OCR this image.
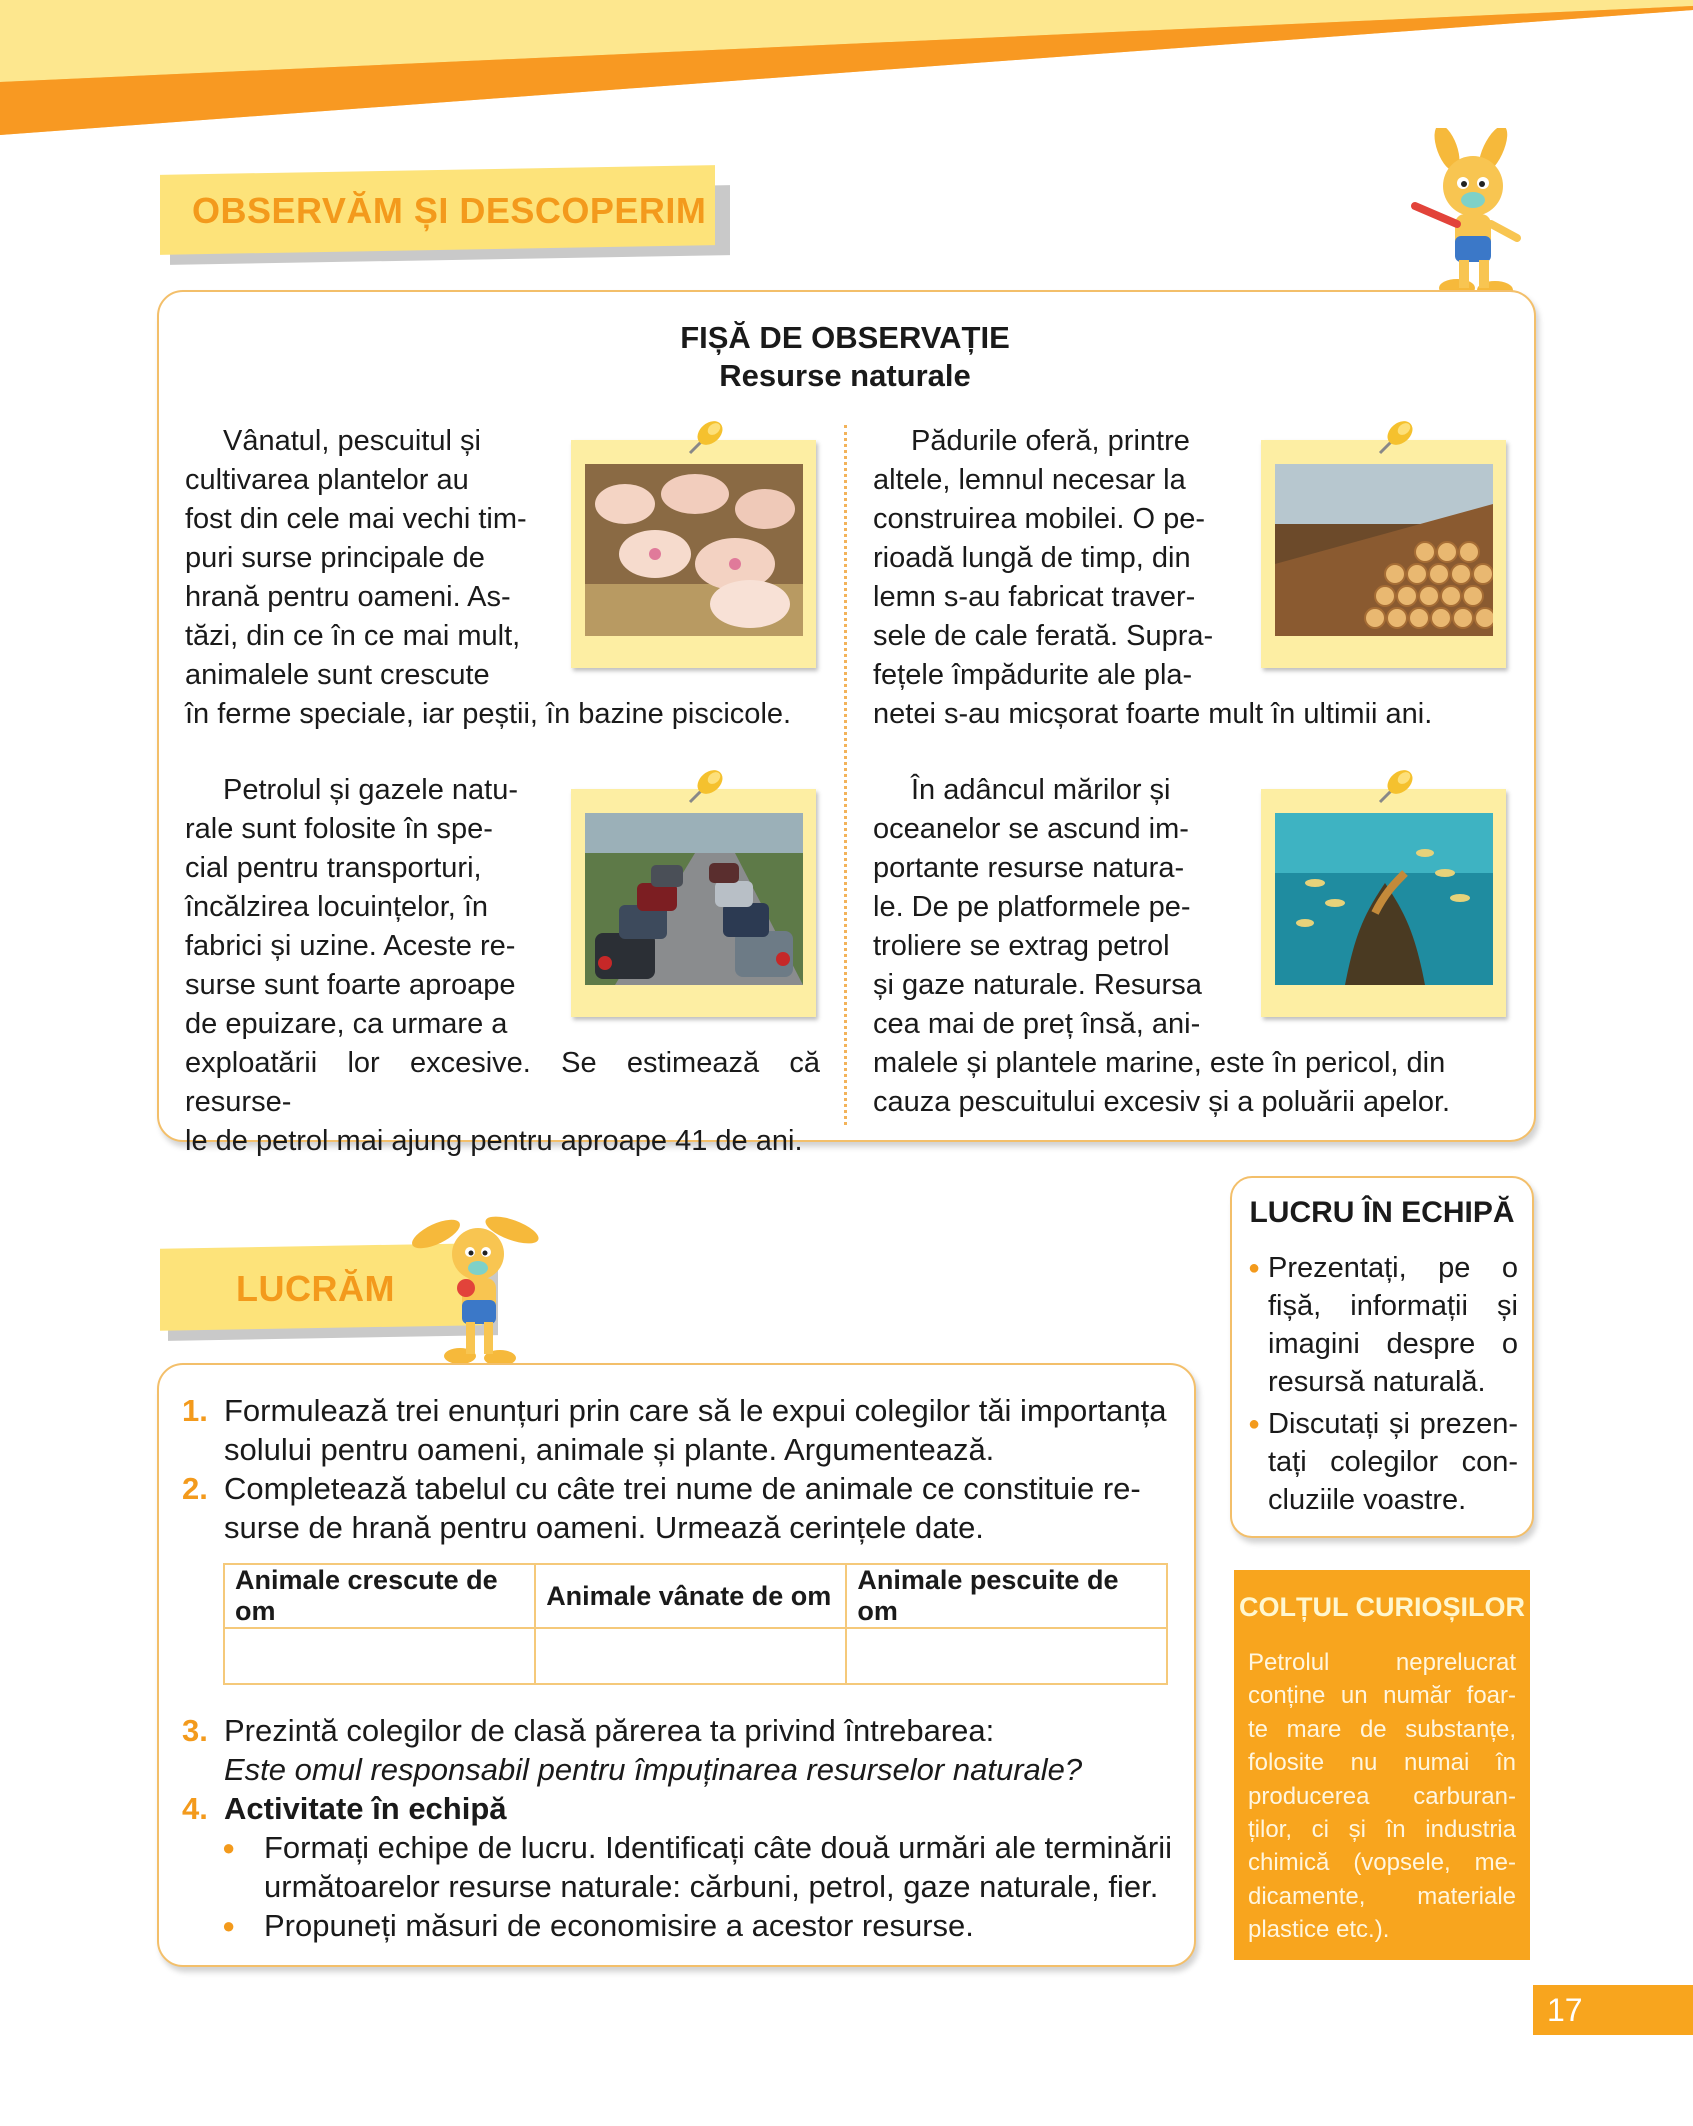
OBSERVĂM ȘI DESCOPERIM
FIȘĂ DE OBSERVAȚIE
Resurse naturale

Vânatul, pescuitul și

cultivarea plantelor au

fost din cele mai vechi tim-

puri surse principale de

hrană pentru oameni. As-

tăzi, din ce în ce mai mult,

animalele sunt crescute

în ferme speciale, iar peștii, în bazine piscicole.

Pădurile oferă, printre

altele, lemnul necesar la

construirea mobilei. O pe-

rioadă lungă de timp, din

lemn s-au fabricat traver-

sele de cale ferată. Supra-

fețele împădurite ale pla-

netei s-au micșorat foarte mult în ultimii ani.

Petrolul și gazele natu-

rale sunt folosite în spe-

cial pentru transporturi,

încălzirea locuințelor, în

fabrici și uzine. Aceste re-

surse sunt foarte aproape

de epuizare, ca urmare a

exploatării lor excesive. Se estimează că resurse-

le de petrol mai ajung pentru aproape 41 de ani.

În adâncul mărilor și

oceanelor se ascund im-

portante resurse natura-

le. De pe platformele pe-

troliere se extrag petrol

și gaze naturale. Resursa

cea mai de preț însă, ani-

malele și plantele marine, este în pericol, din

cauza pescuitului excesiv și a poluării apelor.

LUCRĂM
1. Formulează trei enunțuri prin care să le expui colegilor tăi importanța
solului pentru oameni, animale și plante. Argumentează.
2. Completează tabelul cu câte trei nume de animale ce constituie re-
surse de hrană pentru oameni. Urmează cerințele date.
Animale crescute de om	Animale vânate de om	Animale pescuite de om

3. Prezintă colegilor de clasă părerea ta privind întrebarea:
Este omul responsabil pentru împuținarea resurselor naturale?
4. Activitate în echipă
● Formați echipe de lucru. Identificați câte două urmări ale terminării
următoarelor resurse naturale: cărbuni, petrol, gaze naturale, fier.
● Propuneți măsuri de economisire a acestor resurse.
LUCRU ÎN ECHIPĂ
● Prezentați, pe o
fișă, informații și
imagini despre o
resursă naturală.
● Discutați și prezen-
tați colegilor con-
cluziile voastre.
COLȚUL CURIOȘILOR
Petrolul neprelucrat
conține un număr foar-
te mare de substanțe,
folosite nu numai în
producerea carburan-
ților, ci și în industria
chimică (vopsele, me-
dicamente, materiale
plastice etc.).
17
